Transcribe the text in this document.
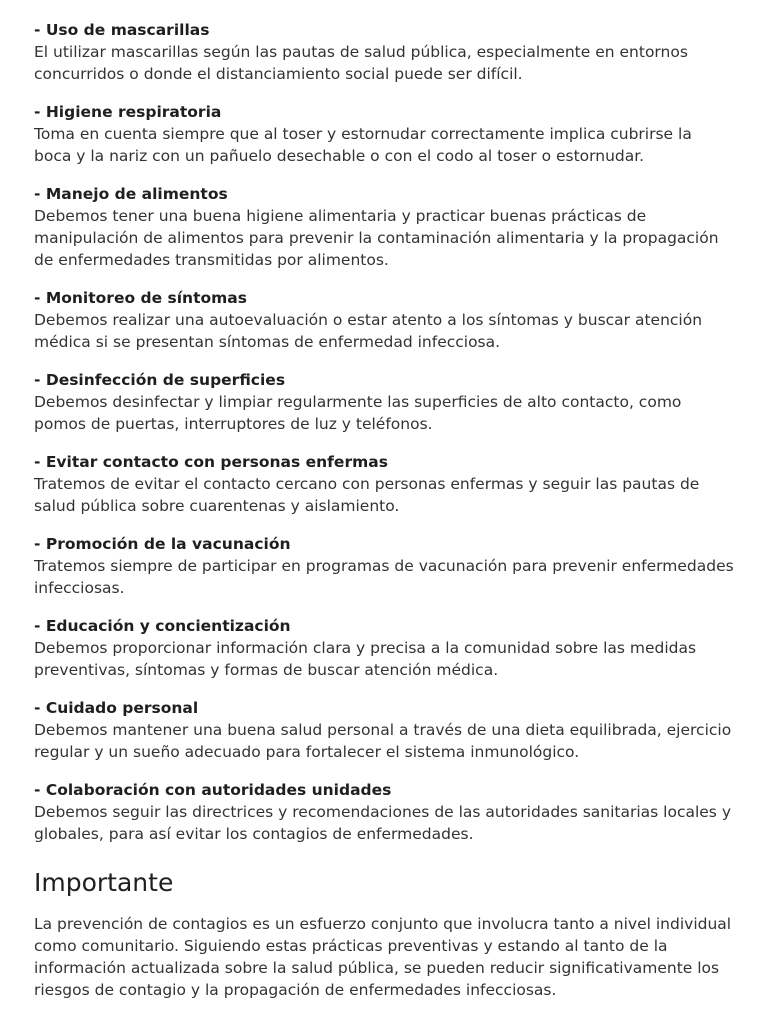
- Uso de mascarillas

El utilizar mascarillas según las pautas de salud pública, especialmente en entornos concurridos o donde el distanciamiento social puede ser difícil.

- Higiene respiratoria

Toma en cuenta siempre que al toser y estornudar correctamente implica cubrirse la boca y la nariz con un pañuelo desechable o con el codo al toser o estornudar.

- Manejo de alimentos

Debemos tener una buena higiene alimentaria y practicar buenas prácticas de manipulación de alimentos para prevenir la contaminación alimentaria y la propagación de enfermedades transmitidas por alimentos.

- Monitoreo de síntomas

Debemos realizar una autoevaluación o estar atento a los síntomas y buscar atención médica si se presentan síntomas de enfermedad infecciosa.

- Desinfección de superficies

Debemos desinfectar y limpiar regularmente las superficies de alto contacto, como pomos de puertas, interruptores de luz y teléfonos.

- Evitar contacto con personas enfermas

Tratemos de evitar el contacto cercano con personas enfermas y seguir las pautas de salud pública sobre cuarentenas y aislamiento.

- Promoción de la vacunación

Tratemos siempre de participar en programas de vacunación para prevenir enfermedades infecciosas.

- Educación y concientización

Debemos proporcionar información clara y precisa a la comunidad sobre las medidas preventivas, síntomas y formas de buscar atención médica.

- Cuidado personal

Debemos mantener una buena salud personal a través de una dieta equilibrada, ejercicio regular y un sueño adecuado para fortalecer el sistema inmunológico.

- Colaboración con autoridades unidades

Debemos seguir las directrices y recomendaciones de las autoridades sanitarias locales y globales, para así evitar los contagios de enfermedades.

Importante

La prevención de contagios es un esfuerzo conjunto que involucra tanto a nivel individual como comunitario. Siguiendo estas prácticas preventivas y estando al tanto de la información actualizada sobre la salud pública, se pueden reducir significativamente los riesgos de contagio y la propagación de enfermedades infecciosas.
